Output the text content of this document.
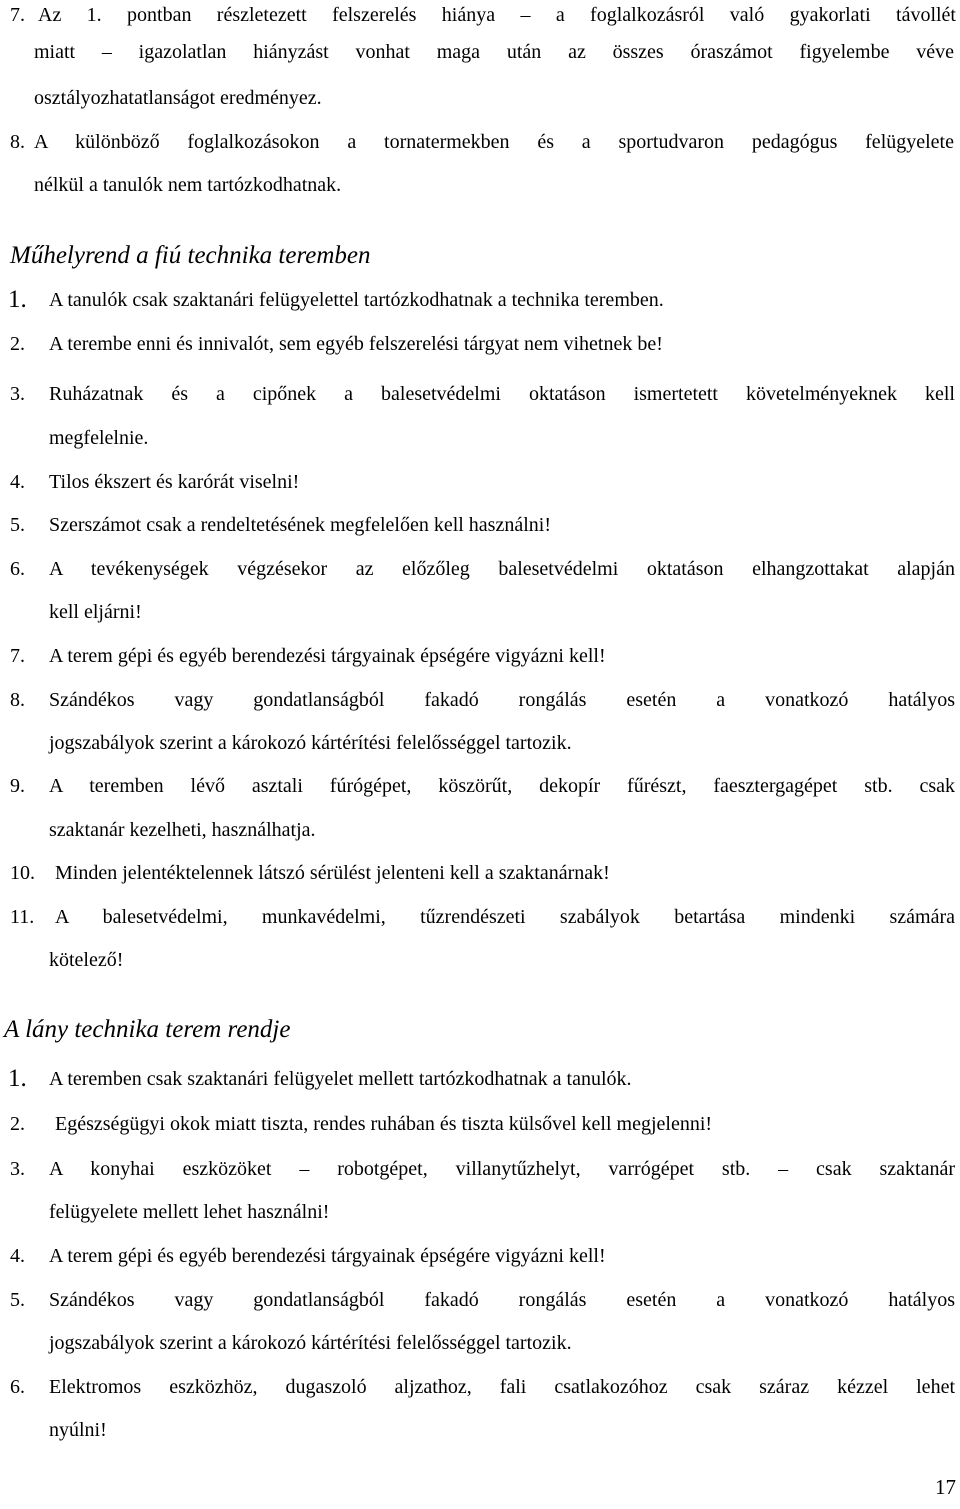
7. Az 1. pontban részletezett felszerelés hiánya – a foglalkozásról való gyakorlati távollét
miatt – igazolatlan hiányzást vonhat maga után az összes óraszámot figyelembe véve
osztályozhatatlanságot eredményez.
8. A különböző foglalkozásokon a tornatermekben és a sportudvaron pedagógus felügyelete
nélkül a tanulók nem tartózkodhatnak.
Műhelyrend a fiú technika teremben
1. A tanulók csak szaktanári felügyelettel tartózkodhatnak a technika teremben.
2. A terembe enni és innivalót, sem egyéb felszerelési tárgyat nem vihetnek be!
3. Ruházatnak és a cipőnek a balesetvédelmi oktatáson ismertetett követelményeknek kell
megfelelnie.
4. Tilos ékszert és karórát viselni!
5. Szerszámot csak a rendeltetésének megfelelően kell használni!
6. A tevékenységek végzésekor az előzőleg balesetvédelmi oktatáson elhangzottakat alapján
kell eljárni!
7. A terem gépi és egyéb berendezési tárgyainak épségére vigyázni kell!
8. Szándékos vagy gondatlanságból fakadó rongálás esetén a vonatkozó hatályos
jogszabályok szerint a károkozó kártérítési felelősséggel tartozik.
9. A teremben lévő asztali fúrógépet, köszörűt, dekopír fűrészt, faesztergagépet stb. csak
szaktanár kezelheti, használhatja.
10. Minden jelentéktelennek látszó sérülést jelenteni kell a szaktanárnak!
11. A balesetvédelmi, munkavédelmi, tűzrendészeti szabályok betartása mindenki számára
kötelező!
A lány technika terem rendje
1. A teremben csak szaktanári felügyelet mellett tartózkodhatnak a tanulók.
2. Egészségügyi okok miatt tiszta, rendes ruhában és tiszta külsővel kell megjelenni!
3. A konyhai eszközöket – robotgépet, villanytűzhelyt, varrógépet stb. – csak szaktanár
felügyelete mellett lehet használni!
4. A terem gépi és egyéb berendezési tárgyainak épségére vigyázni kell!
5. Szándékos vagy gondatlanságból fakadó rongálás esetén a vonatkozó hatályos
jogszabályok szerint a károkozó kártérítési felelősséggel tartozik.
6. Elektromos eszközhöz, dugaszoló aljzathoz, fali csatlakozóhoz csak száraz kézzel lehet
nyúlni!
17
